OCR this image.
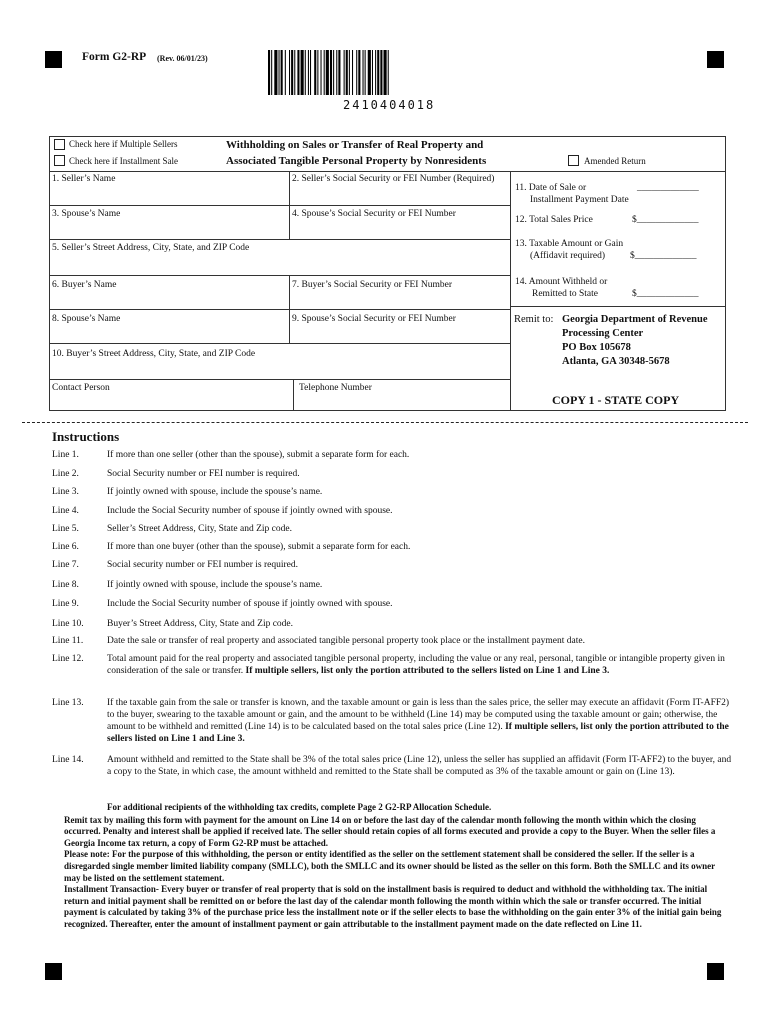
Form G2-RP (Rev. 06/01/23)
2410404018
Check here if Multiple Sellers
Check here if Installment Sale
Withholding on Sales or Transfer of Real Property and
Associated Tangible Personal Property by Nonresidents	Amended Return
1. Seller’s Name	2. Seller’s Social Security or FEI Number (Required)
3. Spouse’s Name	4. Spouse’s Social Security or FEI Number
5. Seller’s Street Address, City, State, and ZIP Code
6. Buyer’s Name	7. Buyer’s Social Security or FEI Number
8. Spouse’s Name	9. Spouse’s Social Security or FEI Number
10. Buyer’s Street Address, City, State, and ZIP Code
Contact Person	Telephone Number
11. Date of Sale or
Installment Payment Date
_____________
12. Total Sales Price	$_____________
13. Taxable Amount or Gain
(Affidavit required)	$_____________
14. Amount Withheld or
Remitted to State	$_____________
Remit to: Georgia Department of Revenue
Processing Center
PO Box 105678
Atlanta, GA 30348-5678
COPY 1 - STATE COPY
Instructions
Line 1.	If more than one seller (other than the spouse), submit a separate form for each.
Line 2.	Social Security number or FEI number is required.
Line 3.	If jointly owned with spouse, include the spouse’s name.
Line 4.	Include the Social Security number of spouse if jointly owned with spouse.
Line 5.	Seller’s Street Address, City, State and Zip code.
Line 6.	If more than one buyer (other than the spouse), submit a separate form for each.
Line 7.	Social security number or FEI number is required.
Line 8.	If jointly owned with spouse, include the spouse’s name.
Line 9.	Include the Social Security number of spouse if jointly owned with spouse.
Line 10.	Buyer’s Street Address, City, State and Zip code.
Line 11.	Date the sale or transfer of real property and associated tangible personal property took place or the installment payment date.
Line 12.	Total amount paid for the real property and associated tangible personal property, including the value or any real, personal, tangible or intangible property given in consideration of the sale or transfer. If multiple sellers, list only the portion attributed to the sellers listed on Line 1 and Line 3.
Line 13.	If the taxable gain from the sale or transfer is known, and the taxable amount or gain is less than the sales price, the seller may execute an affidavit (Form IT-AFF2) to the buyer, swearing to the taxable amount or gain, and the amount to be withheld (Line 14) may be computed using the taxable amount or gain; otherwise, the amount to be withheld and remitted (Line 14) is to be calculated based on the total sales price (Line 12). If multiple sellers, list only the portion attributed to the sellers listed on Line 1 and Line 3.
Line 14.	Amount withheld and remitted to the State shall be 3% of the total sales price (Line 12), unless the seller has supplied an affidavit (Form IT-AFF2) to the buyer, and a copy to the State, in which case, the amount withheld and remitted to the State shall be computed as 3% of the taxable amount or gain on (Line 13).

For additional recipients of the withholding tax credits, complete Page 2 G2-RP Allocation Schedule.

Remit tax by mailing this form with payment for the amount on Line 14 on or before the last day of the calendar month following the month within which the closing occurred. Penalty and interest shall be applied if received late. The seller should retain copies of all forms executed and provide a copy to the Buyer. When the seller files a Georgia Income tax return, a copy of Form G2-RP must be attached.

Please note: For the purpose of this withholding, the person or entity identified as the seller on the settlement statement shall be considered the seller. If the seller is a disregarded single member limited liability company (SMLLC), both the SMLLC and its owner should be listed as the seller on this form. Both the SMLLC and its owner may be listed on the settlement statement.

Installment Transaction- Every buyer or transfer of real property that is sold on the installment basis is required to deduct and withhold the withholding tax. The initial return and initial payment shall be remitted on or before the last day of the calendar month following the month within which the sale or transfer occurred. The initial payment is calculated by taking 3% of the purchase price less the installment note or if the seller elects to base the withholding on the gain enter 3% of the initial gain being recognized. Thereafter, enter the amount of installment payment or gain attributable to the installment payment made on the date reflected on Line 11.
